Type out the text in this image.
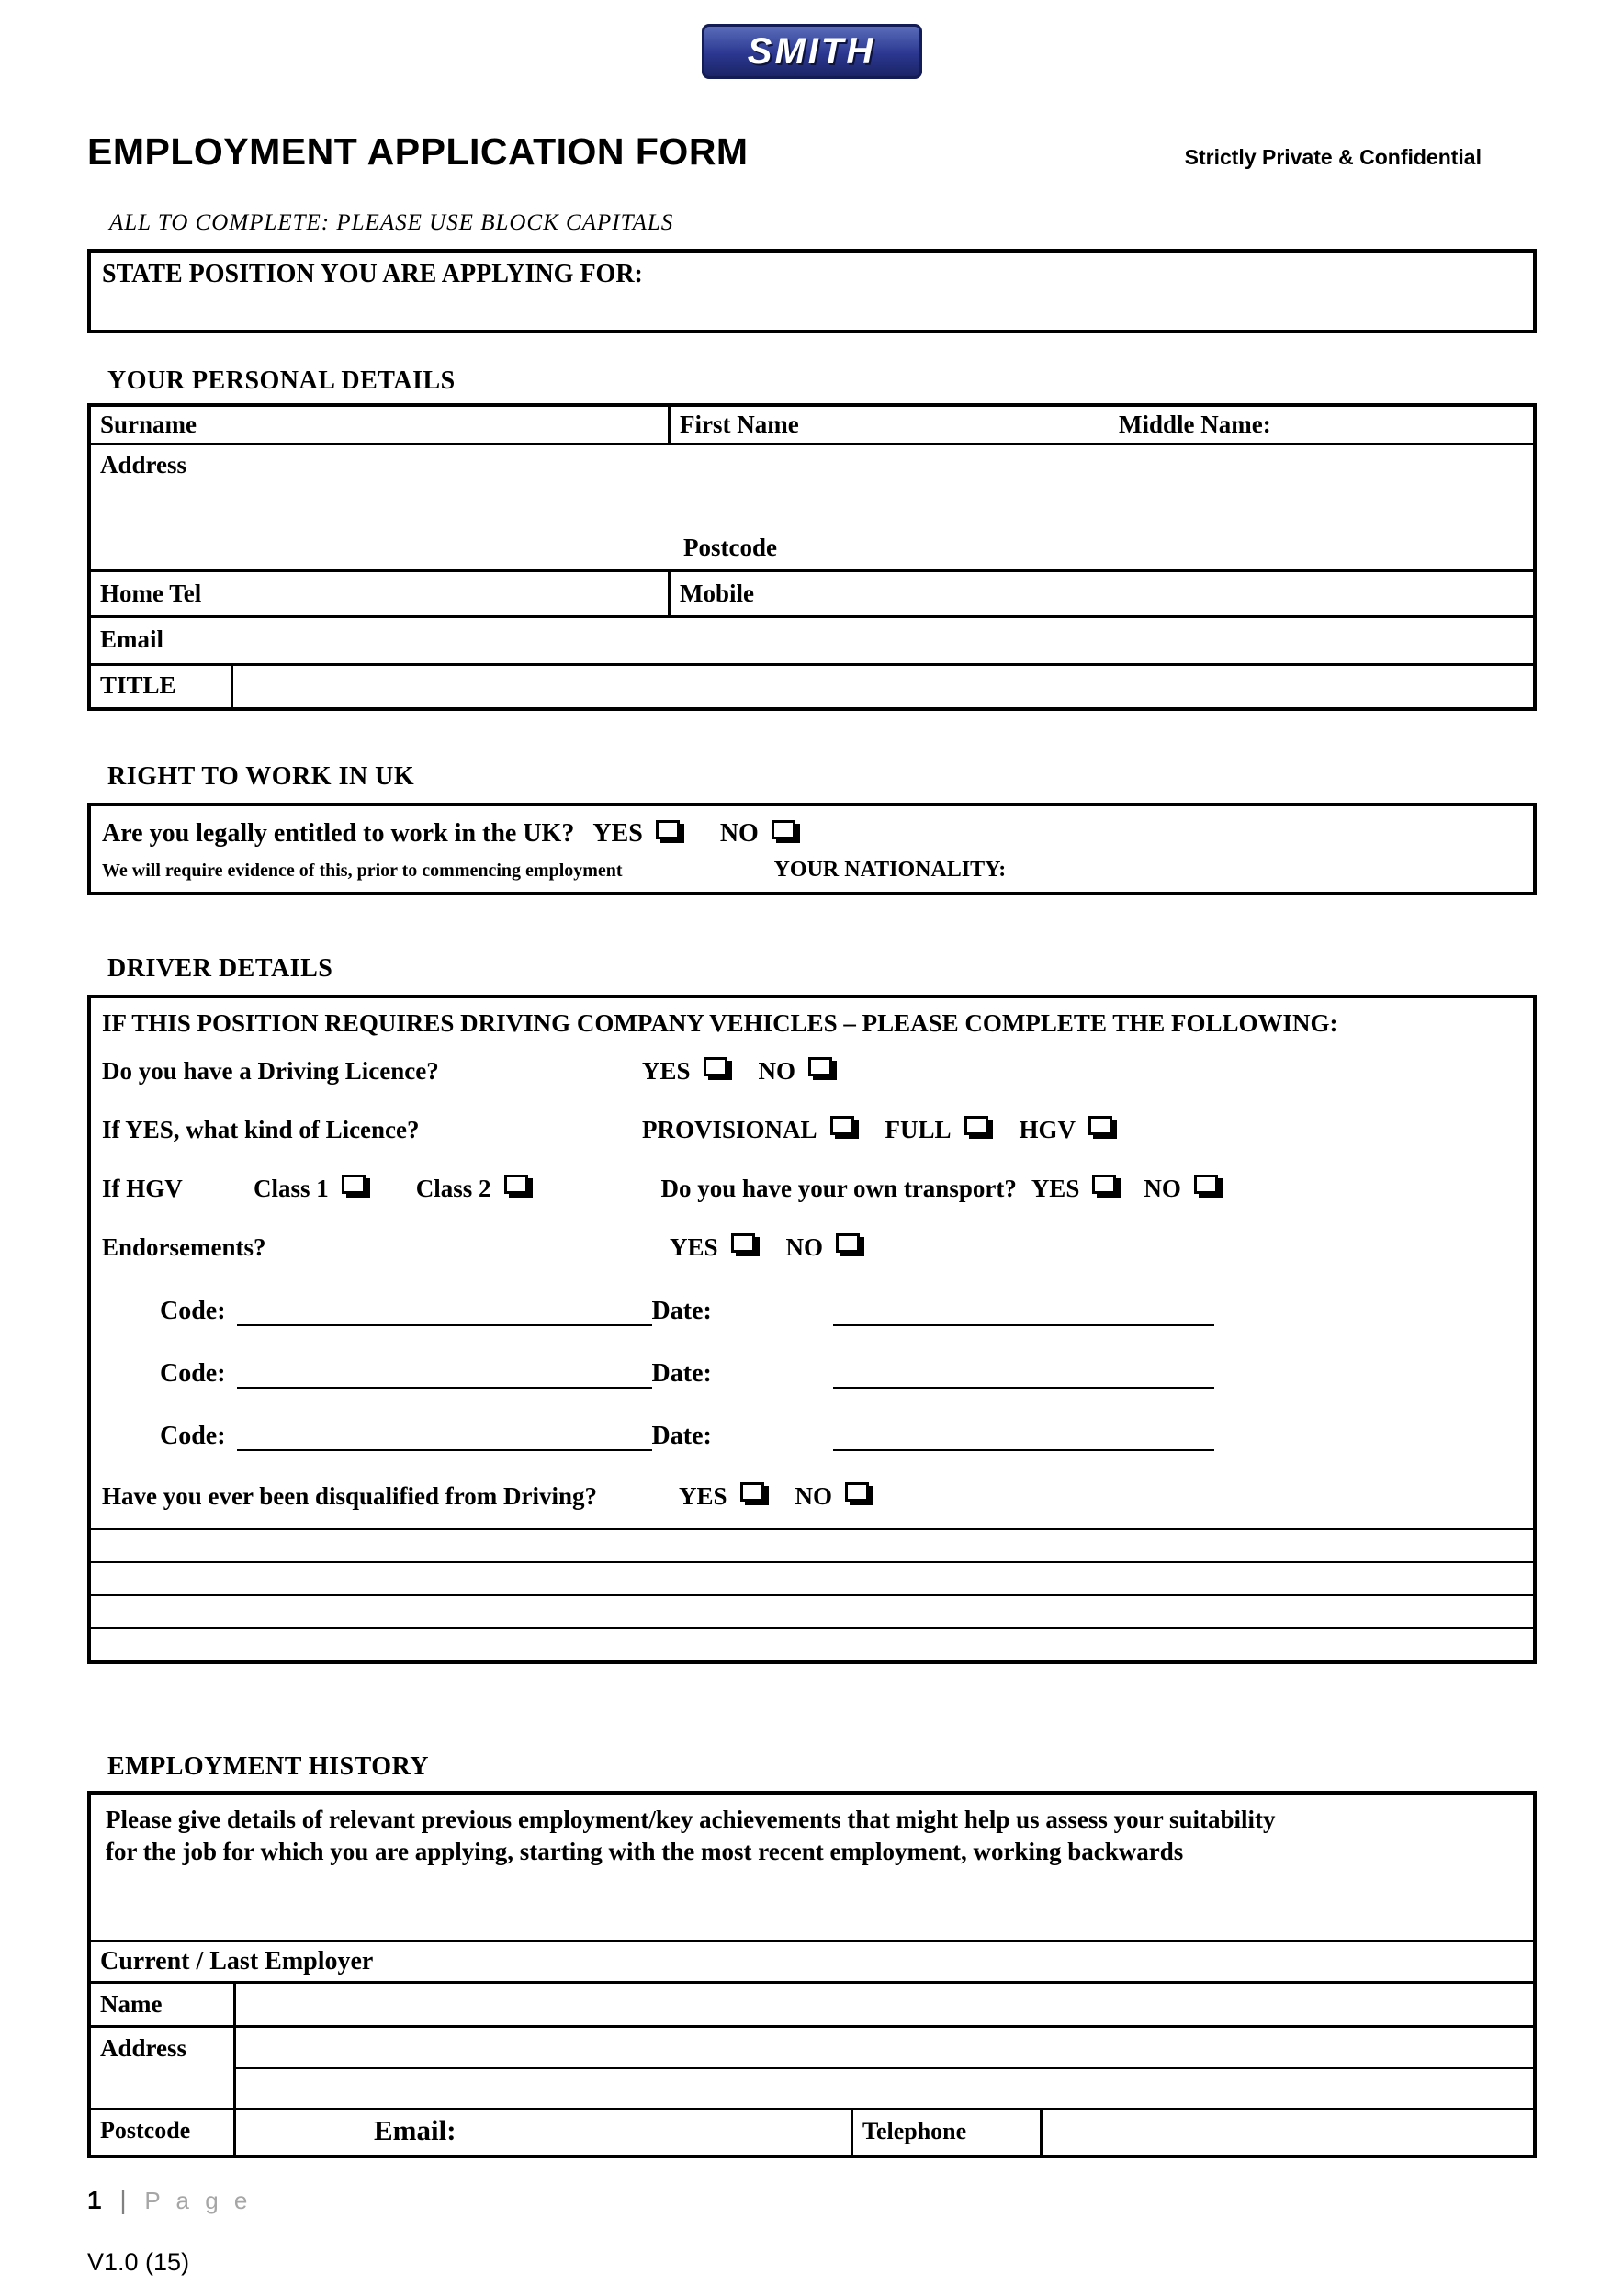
SMITH
EMPLOYMENT APPLICATION FORM	Strictly Private & Confidential
ALL TO COMPLETE: PLEASE USE BLOCK CAPITALS
STATE POSITION YOU ARE APPLYING FOR:
YOUR PERSONAL DETAILS
Surname	First Name	Middle Name:
Address
Postcode
Home Tel	Mobile
Email
TITLE
RIGHT TO WORK IN UK
Are you legally entitled to work in the UK? YES	NO
We will require evidence of this, prior to commencing employment	YOUR NATIONALITY:
DRIVER DETAILS
IF THIS POSITION REQUIRES DRIVING COMPANY VEHICLES – PLEASE COMPLETE THE FOLLOWING:
Do you have a Driving Licence?	YES	NO
If YES, what kind of Licence?	PROVISIONAL	FULL	HGV
If HGV	Class 1	Class 2	Do you have your own transport? YES	NO
Endorsements?	YES	NO
Code:	Date:
Code:	Date:
Code:	Date:
Have you ever been disqualified from Driving?	YES	NO
EMPLOYMENT HISTORY
Please give details of relevant previous employment/key achievements that might help us assess your suitability
for the job for which you are applying, starting with the most recent employment, working backwards
Current / Last Employer
Name
Address
Postcode	Email:	Telephone
1 | P a g e
V1.0 (15)
